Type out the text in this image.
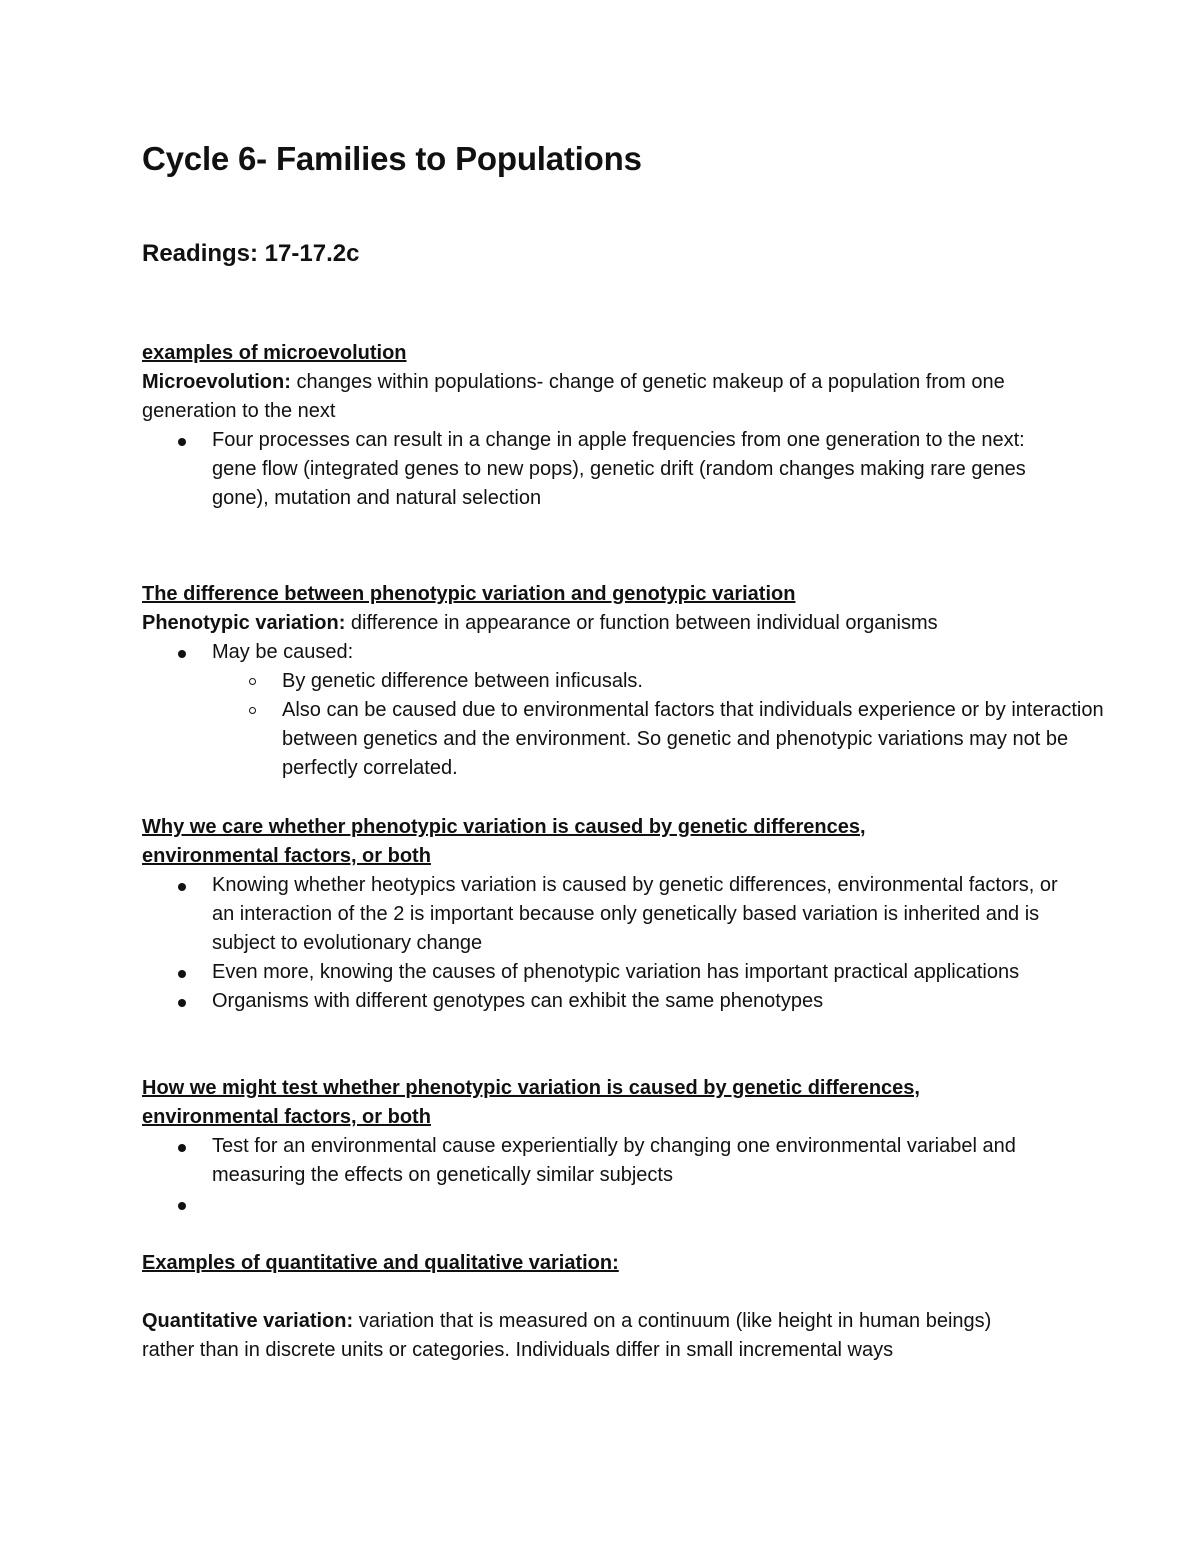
Cycle 6- Families to Populations
Readings: 17-17.2c

examples of microevolution

Microevolution: changes within populations- change of genetic makeup of a population from one generation to the next

Four processes can result in a change in apple frequencies from one generation to the next: gene flow (integrated genes to new pops), genetic drift (random changes making rare genes gone), mutation and natural selection

The difference between phenotypic variation and genotypic variation

Phenotypic variation: difference in appearance or function between individual organisms

May be caused:
By genetic difference between inficusals.
Also can be caused due to environmental factors that individuals experience or by interaction between genetics and the environment. So genetic and phenotypic variations may not be perfectly correlated.

Why we care whether phenotypic variation is caused by genetic differences, environmental factors, or both

Knowing whether heotypics variation is caused by genetic differences, environmental factors, or an interaction of the 2 is important because only genetically based variation is inherited and is subject to evolutionary change
Even more, knowing the causes of phenotypic variation has important practical applications
Organisms with different genotypes can exhibit the same phenotypes

How we might test whether phenotypic variation is caused by genetic differences, environmental factors, or both

Test for an environmental cause experientially by changing one environmental variabel and measuring the effects on genetically similar subjects

Examples of quantitative and qualitative variation:

Quantitative variation: variation that is measured on a continuum (like height in human beings) rather than in discrete units or categories. Individuals differ in small incremental ways
